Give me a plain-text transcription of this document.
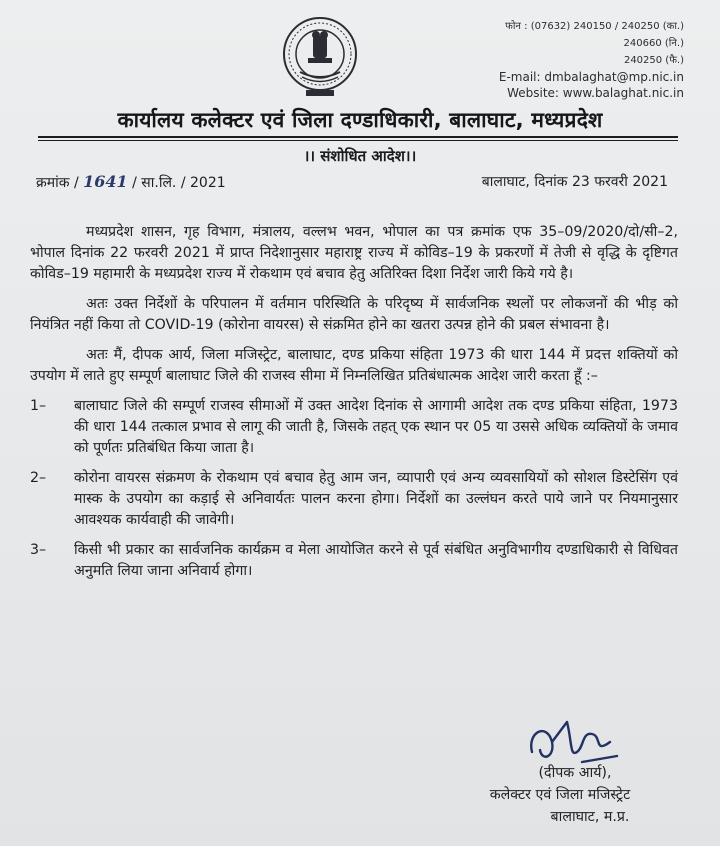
फोन : (07632) 240150 / 240250 (का.)
240660 (नि.)
240250 (फै.)
E-mail: dmbalaghat@mp.nic.in
Website: www.balaghat.nic.in
कार्यालय कलेक्टर एवं जिला दण्डाधिकारी, बालाघाट, मध्यप्रदेश
।। संशोधित आदेश।।
क्रमांक / 1641 / सा.लि. / 2021	बालाघाट, दिनांक 23 फरवरी 2021

मध्यप्रदेश शासन, गृह विभाग, मंत्रालय, वल्लभ भवन, भोपाल का पत्र क्रमांक एफ 35–09/2020/दो/सी–2, भोपाल दिनांक 22 फरवरी 2021 में प्राप्त निदेशानुसार महाराष्ट्र राज्य में कोविड–19 के प्रकरणों में तेजी से वृद्धि के दृष्टिगत कोविड–19 महामारी के मध्यप्रदेश राज्य में रोकथाम एवं बचाव हेतु अतिरिक्त दिशा निर्देश जारी किये गये है।

अतः उक्त निर्देशों के परिपालन में वर्तमान परिस्थिति के परिदृष्य में सार्वजनिक स्थलों पर लोकजनों की भीड़ को नियंत्रित नहीं किया तो COVID-19 (कोरोना वायरस) से संक्रमित होने का खतरा उत्पन्न होने की प्रबल संभावना है।

अतः मैं, दीपक आर्य, जिला मजिस्ट्रेट, बालाघाट, दण्ड प्रकिया संहिता 1973 की धारा 144 में प्रदत्त शक्तियों को उपयोग में लाते हुए सम्पूर्ण बालाघाट जिले की राजस्व सीमा में निम्नलिखित प्रतिबंधात्मक आदेश जारी करता हूँ :–

1–	बालाघाट जिले की सम्पूर्ण राजस्व सीमाओं में उक्त आदेश दिनांक से आगामी आदेश तक दण्ड प्रकिया संहिता, 1973 की धारा 144 तत्काल प्रभाव से लागू की जाती है, जिसके तहत् एक स्थान पर 05 या उससे अधिक व्यक्तियों के जमाव को पूर्णतः प्रतिबंधित किया जाता है।
2–	कोरोना वायरस संक्रमण के रोकथाम एवं बचाव हेतु आम जन, व्यापारी एवं अन्य व्यवसायियों को सोशल डिस्टेसिंग एवं मास्क के उपयोग का कड़ाई से अनिवार्यतः पालन करना होगा। निर्देशों का उल्लंघन करते पाये जाने पर नियमानुसार आवश्यक कार्यवाही की जावेगी।
3–	किसी भी प्रकार का सार्वजनिक कार्यक्रम व मेला आयोजित करने से पूर्व संबंधित अनुविभागीय दण्डाधिकारी से विधिवत अनुमति लिया जाना अनिवार्य होगा।
(दीपक आर्य),
कलेक्टर एवं जिला मजिस्ट्रेट
बालाघाट, म.प्र.
